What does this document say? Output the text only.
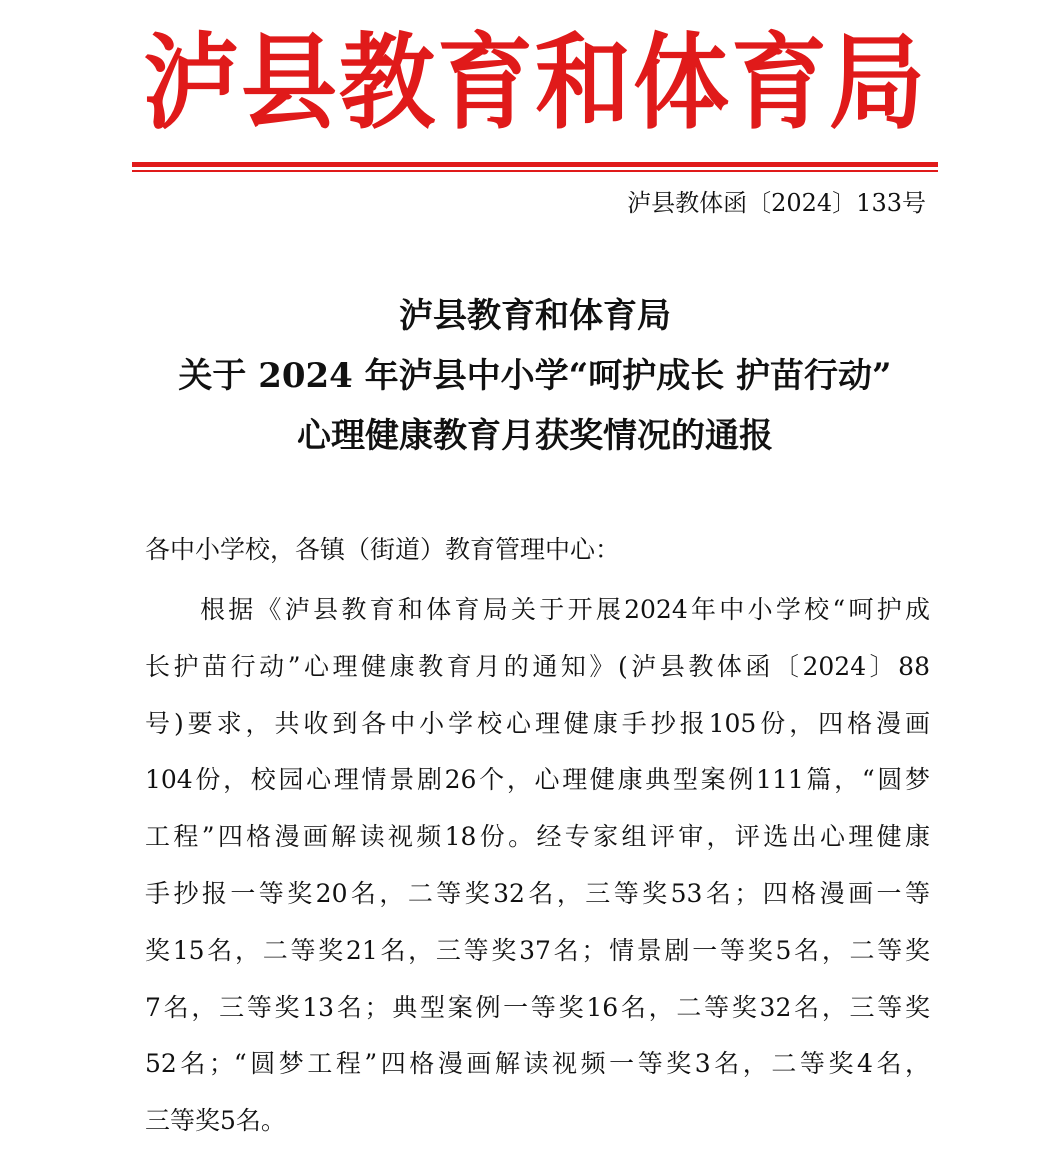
泸县教育和体育局
泸县教体函〔2024〕133号
泸县教育和体育局
关于 2024 年泸县中小学“呵护成长 护苗行动”
心理健康教育月获奖情况的通报
各中小学校，各镇（街道）教育管理中心：
根据《泸县教育和体育局关于开展2024年中小学校“呵护成
长护苗行动”心理健康教育月的通知》(泸县教体函〔2024〕88
号)要求，共收到各中小学校心理健康手抄报105份，四格漫画
104份，校园心理情景剧26个，心理健康典型案例111篇，“圆梦
工程”四格漫画解读视频18份。经专家组评审，评选出心理健康
手抄报一等奖20名，二等奖32名，三等奖53名；四格漫画一等
奖15名，二等奖21名，三等奖37名；情景剧一等奖5名，二等奖
7名，三等奖13名；典型案例一等奖16名，二等奖32名，三等奖
52名；“圆梦工程”四格漫画解读视频一等奖3名，二等奖4名，
三等奖5名。
